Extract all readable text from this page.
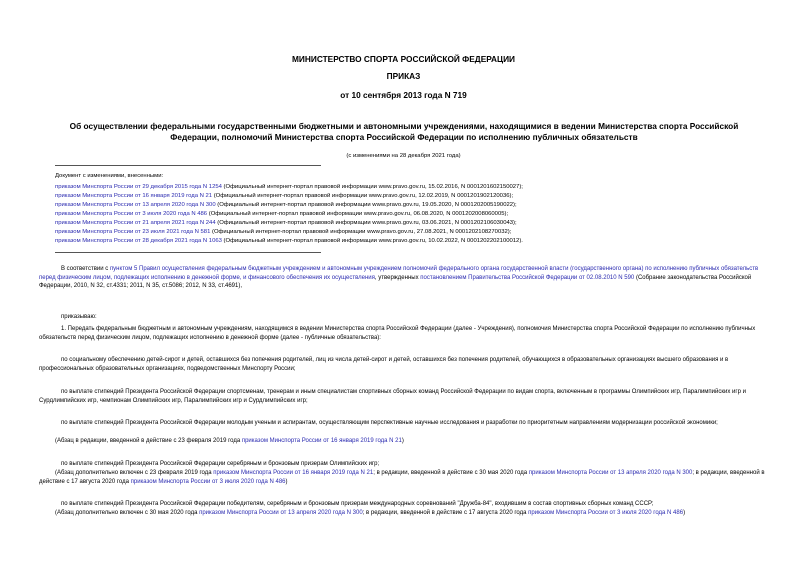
МИНИСТЕРСТВО СПОРТА РОССИЙСКОЙ ФЕДЕРАЦИИ
ПРИКАЗ
от 10 сентября 2013 года N 719
Об осуществлении федеральными государственными бюджетными и автономными учреждениями, находящимися в ведении Министерства спорта Российской
Федерации, полномочий Министерства спорта Российской Федерации по исполнению публичных обязательств
(с изменениями на 28 декабря 2021 года)
Документ с изменениями, внесенными:
приказом Минспорта России от 29 декабря 2015 года N 1254 (Официальный интернет-портал правовой информации www.pravo.gov.ru, 15.02.2016, N 0001201602150027);
приказом Минспорта России от 16 января 2019 года N 21 (Официальный интернет-портал правовой информации www.pravo.gov.ru, 12.02.2019, N 0001201902120036);
приказом Минспорта России от 13 апреля 2020 года N 300 (Официальный интернет-портал правовой информации www.pravo.gov.ru, 19.05.2020, N 0001202005190022);
приказом Минспорта России от 3 июля 2020 года N 486 (Официальный интернет-портал правовой информации www.pravo.gov.ru, 06.08.2020, N 0001202008060005);
приказом Минспорта России от 21 апреля 2021 года N 244 (Официальный интернет-портал правовой информации www.pravo.gov.ru, 03.06.2021, N 0001202106030043);
приказом Минспорта России от 23 июля 2021 года N 581 (Официальный интернет-портал правовой информации www.pravo.gov.ru, 27.08.2021, N 0001202108270032);
приказом Минспорта России от 28 декабря 2021 года N 1063 (Официальный интернет-портал правовой информации www.pravo.gov.ru, 10.02.2022, N 0001202202100012).
В соответствии с пунктом 5 Правил осуществления федеральным бюджетным учреждением и автономным учреждением полномочий федерального органа государственной власти (государственного органа) по исполнению публичных обязательств перед физическим лицом, подлежащих исполнению в денежной форме, и финансового обеспечения их осуществления, утвержденных постановлением Правительства Российской Федерации от 02.08.2010 N 590 (Собрание законодательства Российской Федерации, 2010, N 32, ст.4331; 2011, N 35, ст.5086; 2012, N 33, ст.4691),
приказываю:
1. Передать федеральным бюджетным и автономным учреждениям, находящимся в ведении Министерства спорта Российской Федерации (далее - Учреждения), полномочия Министерства спорта Российской Федерации по исполнению публичных обязательств перед физическим лицом, подлежащих исполнению в денежной форме (далее - публичные обязательства):
по социальному обеспечению детей-сирот и детей, оставшихся без попечения родителей, лиц из числа детей-сирот и детей, оставшихся без попечения родителей, обучающихся в образовательных организациях высшего образования и в профессиональных образовательных организациях, подведомственных Минспорту России;
по выплате стипендий Президента Российской Федерации спортсменам, тренерам и иным специалистам спортивных сборных команд Российской Федерации по видам спорта, включенным в программы Олимпийских игр, Паралимпийских игр и Сурдлимпийских игр, чемпионам Олимпийских игр, Паралимпийских игр и Сурдлимпийских игр;
по выплате стипендий Президента Российской Федерации молодым ученым и аспирантам, осуществляющим перспективные научные исследования и разработки по приоритетным направлениям модернизации российской экономики;
(Абзац в редакции, введенной в действие с 23 февраля 2019 года приказом Минспорта России от 16 января 2019 года N 21)
по выплате стипендий Президента Российской Федерации серебряным и бронзовым призерам Олимпийских игр;
(Абзац дополнительно включен с 23 февраля 2019 года приказом Минспорта России от 16 января 2019 года N 21; в редакции, введенной в действие с 30 мая 2020 года приказом Минспорта России от 13 апреля 2020 года N 300; в редакции, введенной в действие с 17 августа 2020 года приказом Минспорта России от 3 июля 2020 года N 486)
по выплате стипендий Президента Российской Федерации победителям, серебряным и бронзовым призерам международных соревнований "Дружба-84", входившим в состав спортивных сборных команд СССР;
(Абзац дополнительно включен с 30 мая 2020 года приказом Минспорта России от 13 апреля 2020 года N 300; в редакции, введенной в действие с 17 августа 2020 года приказом Минспорта России от 3 июля 2020 года N 486)
